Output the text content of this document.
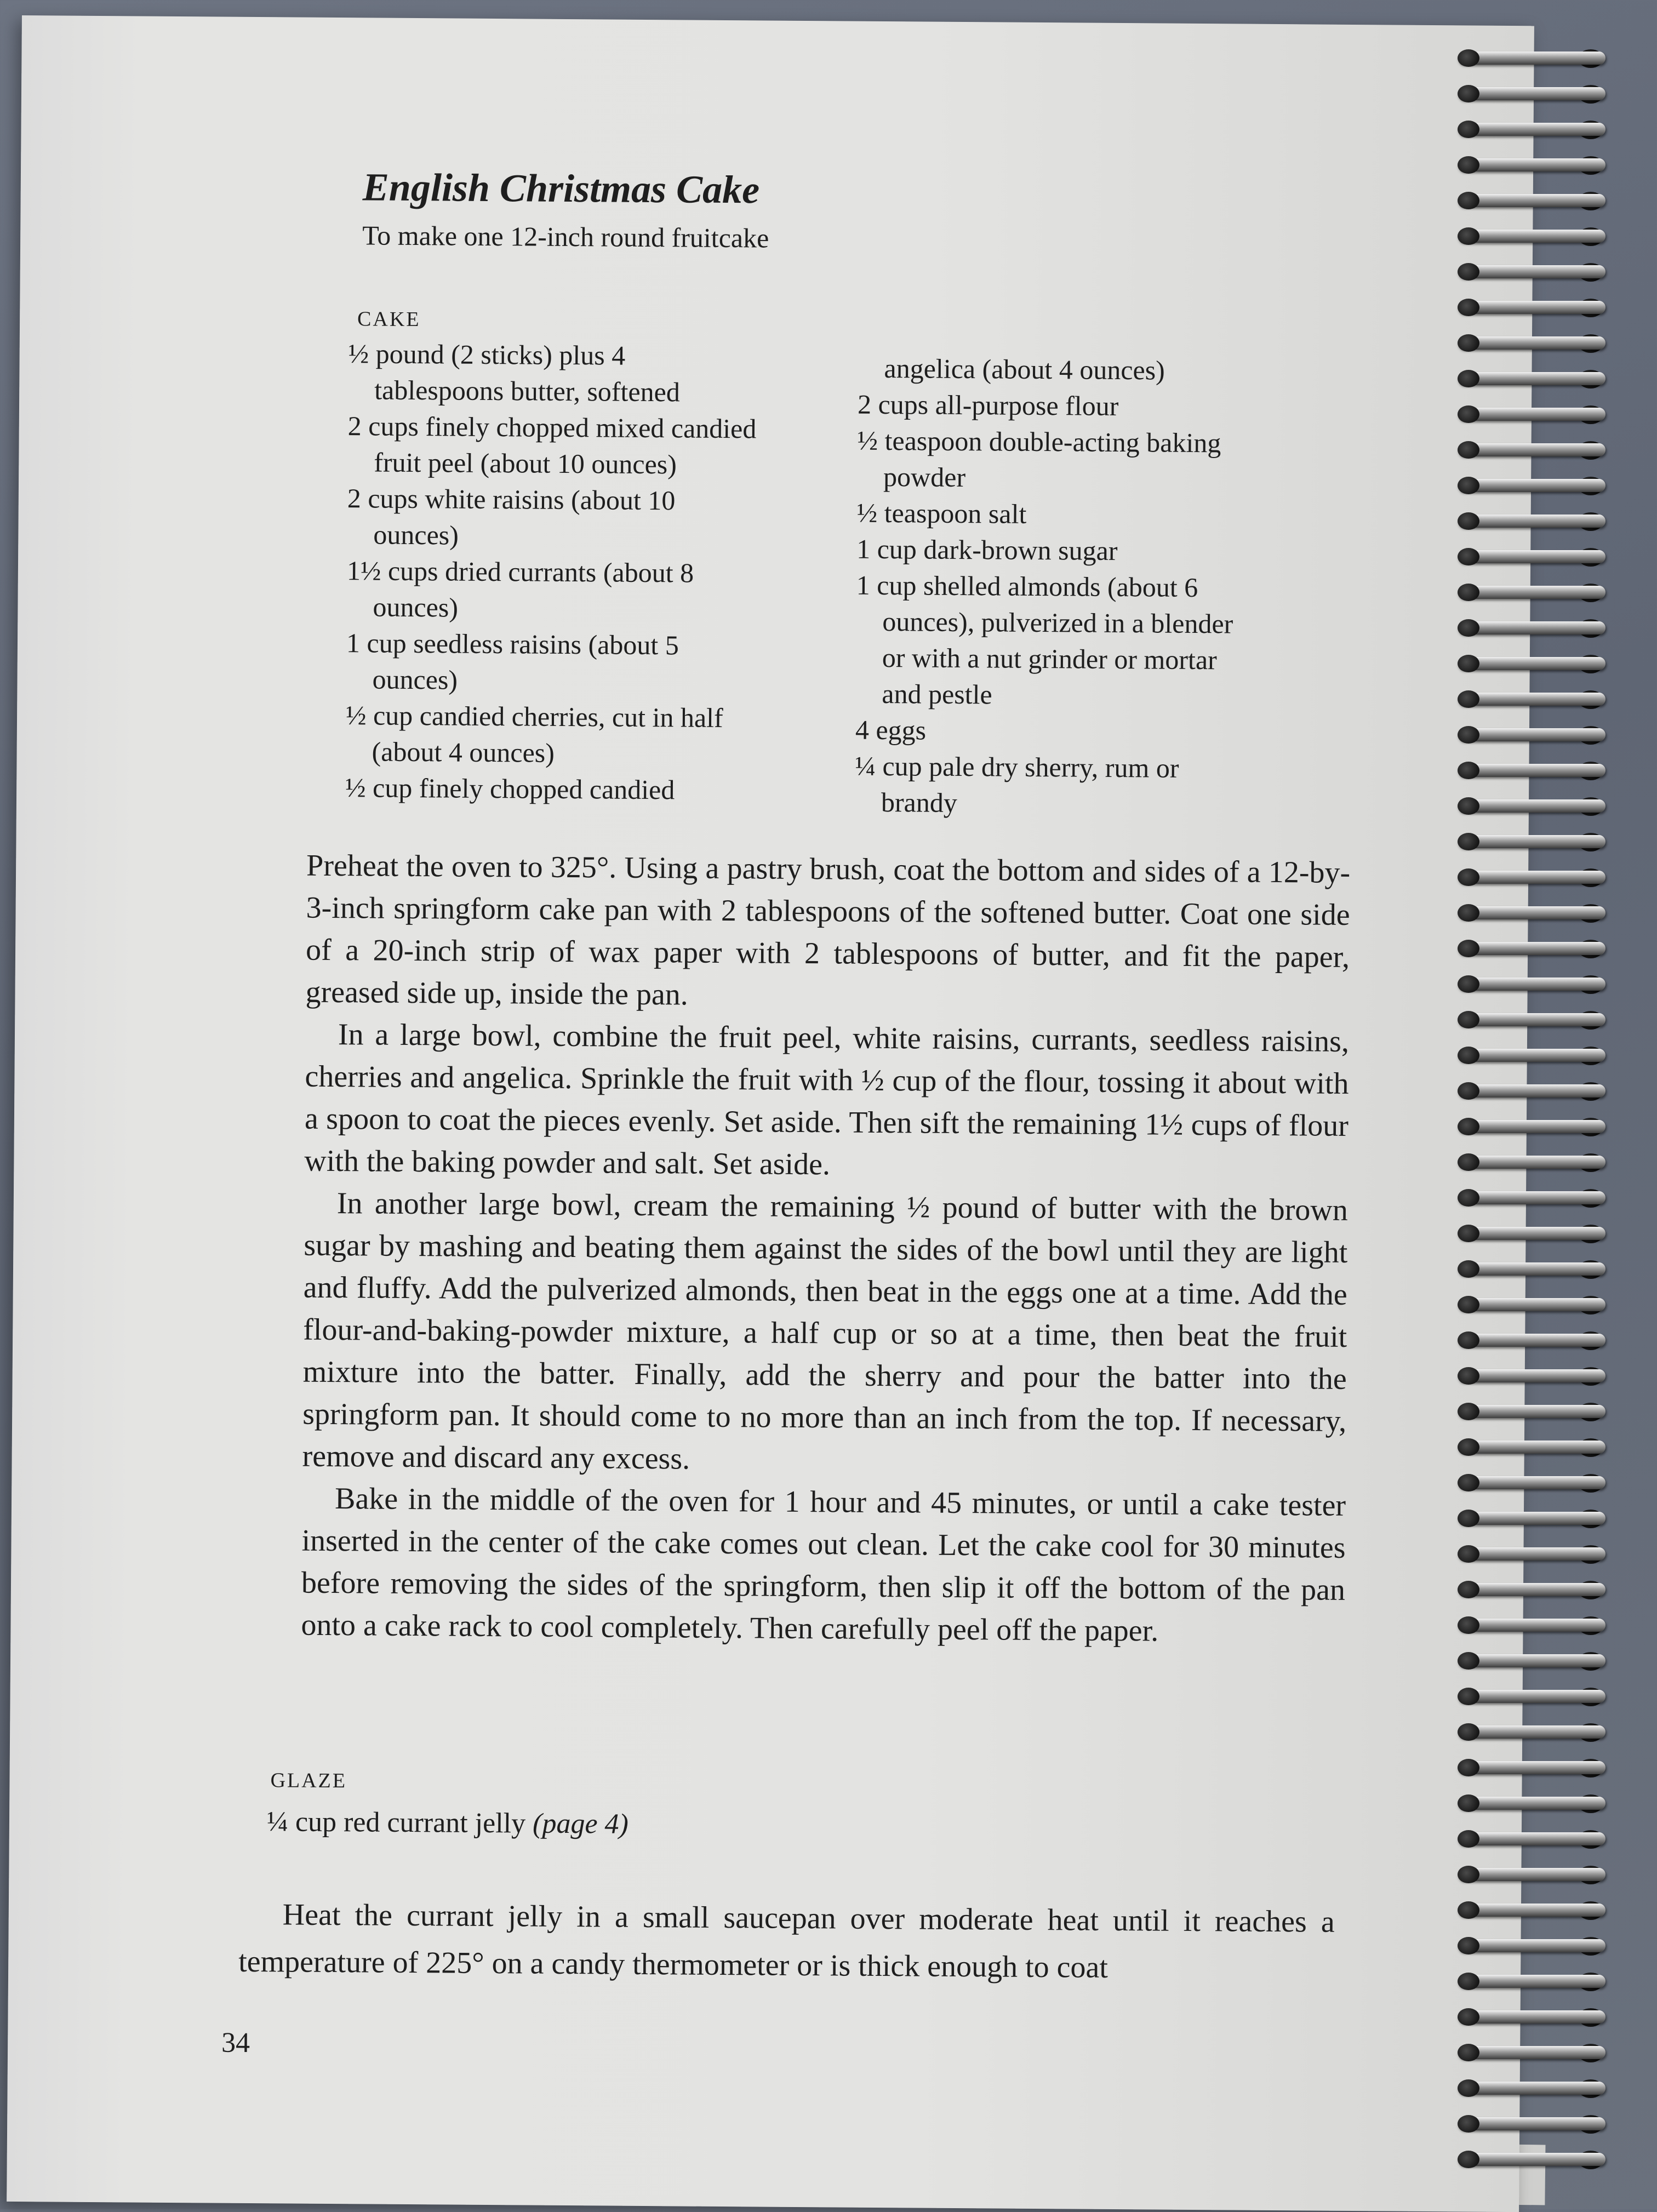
English Christmas Cake

To make one 12-inch round fruitcake

CAKE

½ pound (2 sticks) plus 4
tablespoons butter, softened
2 cups finely chopped mixed candied
fruit peel (about 10 ounces)
2 cups white raisins (about 10
ounces)
1½ cups dried currants (about 8
ounces)
1 cup seedless raisins (about 5
ounces)
½ cup candied cherries, cut in half
(about 4 ounces)
½ cup finely chopped candied
angelica (about 4 ounces)
2 cups all-purpose flour
½ teaspoon double-acting baking
powder
½ teaspoon salt
1 cup dark-brown sugar
1 cup shelled almonds (about 6
ounces), pulverized in a blender
or with a nut grinder or mortar
and pestle
4 eggs
¼ cup pale dry sherry, rum or
brandy

Preheat the oven to 325°. Using a pastry brush, coat the bottom and sides of a 12-by-3-inch springform cake pan with 2 tablespoons of the softened butter. Coat one side of a 20-inch strip of wax paper with 2 tablespoons of butter, and fit the paper, greased side up, inside the pan.

In a large bowl, combine the fruit peel, white raisins, currants, seedless raisins, cherries and angelica. Sprinkle the fruit with ½ cup of the flour, tossing it about with a spoon to coat the pieces evenly. Set aside. Then sift the remaining 1½ cups of flour with the baking powder and salt. Set aside.

In another large bowl, cream the remaining ½ pound of butter with the brown sugar by mashing and beating them against the sides of the bowl until they are light and fluffy. Add the pulverized almonds, then beat in the eggs one at a time. Add the flour-and-baking-powder mixture, a half cup or so at a time, then beat the fruit mixture into the batter. Finally, add the sherry and pour the batter into the springform pan. It should come to no more than an inch from the top. If necessary, remove and discard any excess.

Bake in the middle of the oven for 1 hour and 45 minutes, or until a cake tester inserted in the center of the cake comes out clean. Let the cake cool for 30 minutes before removing the sides of the springform, then slip it off the bottom of the pan onto a cake rack to cool completely. Then carefully peel off the paper.

GLAZE

¼ cup red currant jelly (page 4)

Heat the currant jelly in a small saucepan over moderate heat until it reaches a temperature of 225° on a candy thermometer or is thick enough to coat

34
